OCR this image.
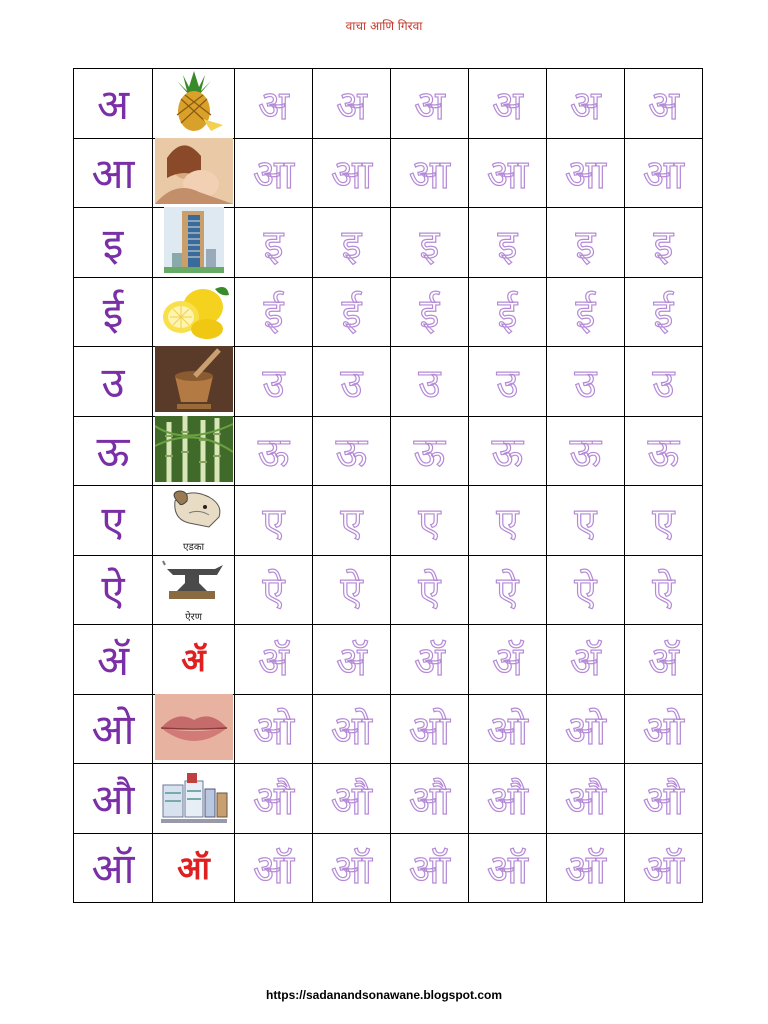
वाचा आणि गिरवा
अ		अ	अ	अ	अ	अ	अ
आ		आ	आ	आ	आ	आ	आ
इ		इ	इ	इ	इ	इ	इ
ई		ई	ई	ई	ई	ई	ई
उ		उ	उ	उ	उ	उ	उ
ऊ		ऊ	ऊ	ऊ	ऊ	ऊ	ऊ
ए	एडका	ए	ए	ए	ए	ए	ए
ऐ	ऐरण	ऐ	ऐ	ऐ	ऐ	ऐ	ऐ
ॲ	ॲ	ॲ	ॲ	ॲ	ॲ	ॲ	ॲ
ओ		ओ	ओ	ओ	ओ	ओ	ओ
औ		औ	औ	औ	औ	औ	औ
ऑ	ऑ	ऑ	ऑ	ऑ	ऑ	ऑ	ऑ
https://sadanandsonawane.blogspot.com
